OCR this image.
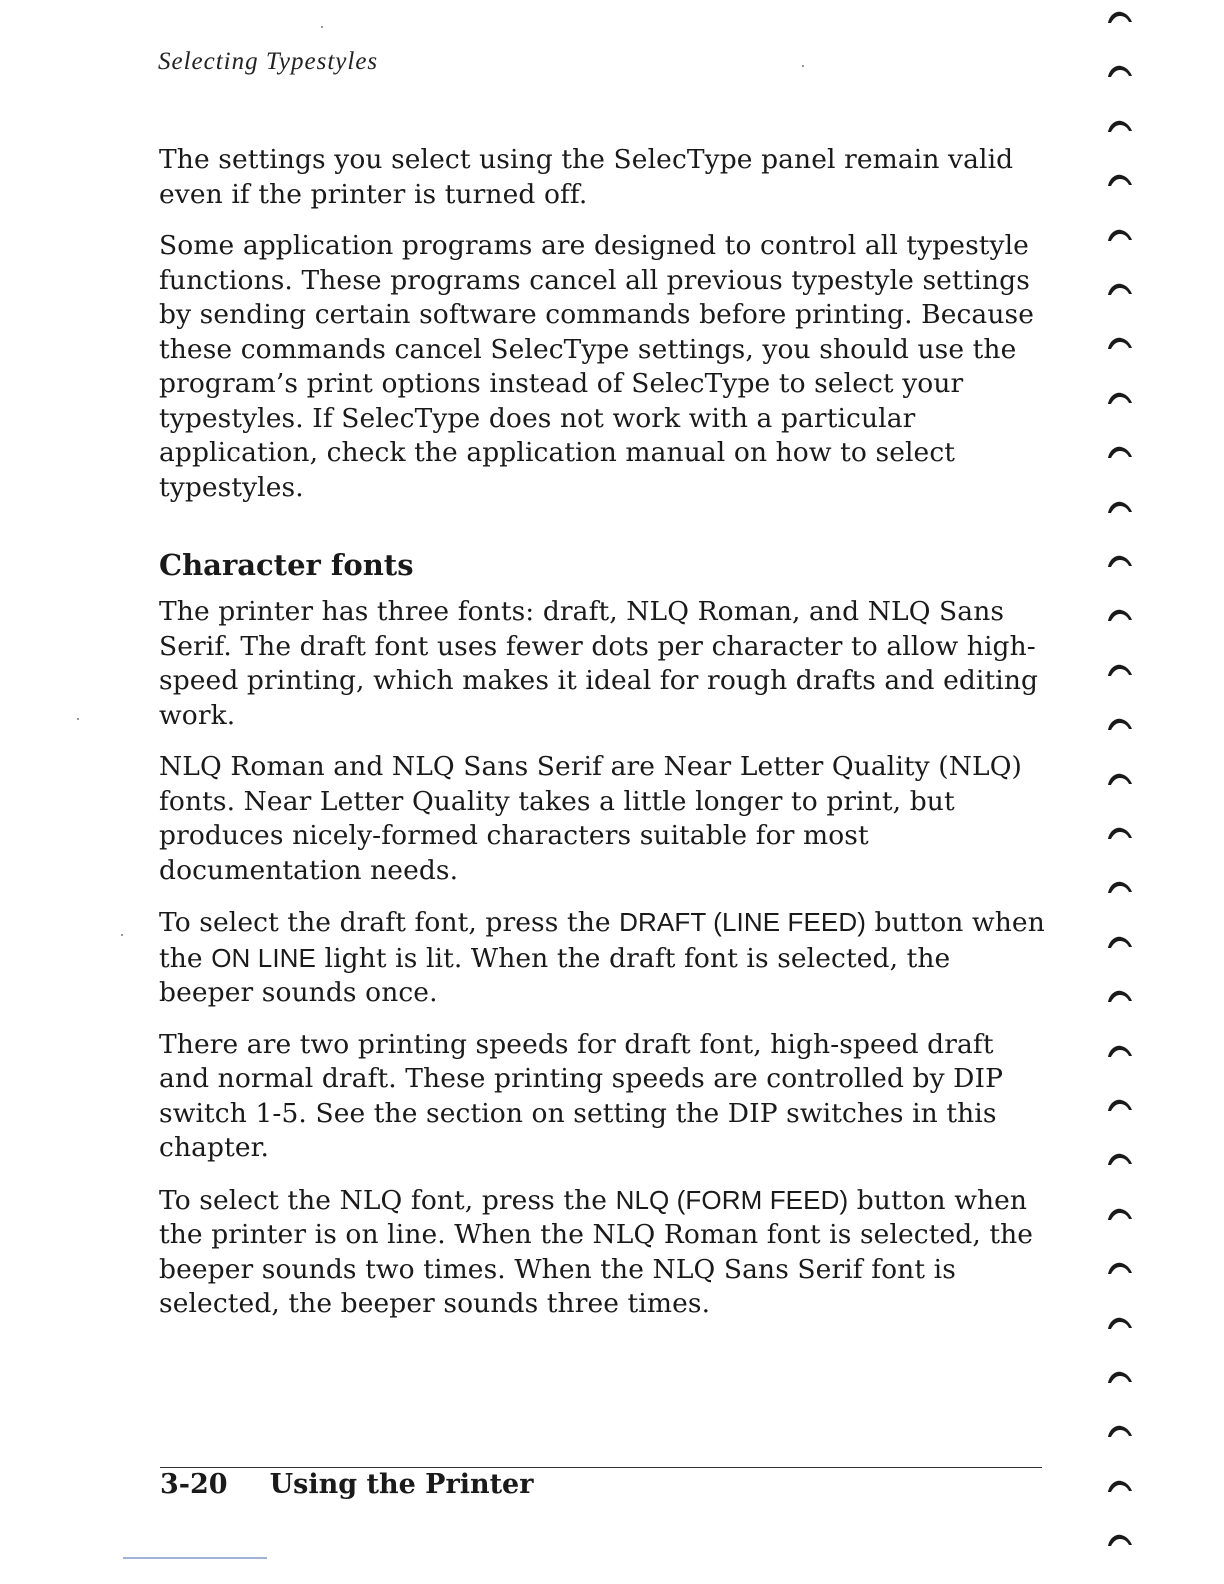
Selecting Typestyles

The settings you select using the SelecType panel remain valid even if the printer is turned off.

Some application programs are designed to control all typestyle functions. These programs cancel all previous typestyle settings by sending certain software commands before printing. Because these commands cancel SelecType settings, you should use the program’s print options instead of SelecType to select your typestyles. If SelecType does not work with a particular application, check the application manual on how to select typestyles.

Character fonts

The printer has three fonts: draft, NLQ Roman, and NLQ Sans Serif. The draft font uses fewer dots per character to allow high-speed printing, which makes it ideal for rough drafts and editing work.

NLQ Roman and NLQ Sans Serif are Near Letter Quality (NLQ) fonts. Near Letter Quality takes a little longer to print, but produces nicely-formed characters suitable for most documentation needs.

To select the draft font, press the DRAFT (LINE FEED) button when the ON LINE light is lit. When the draft font is selected, the beeper sounds once.

There are two printing speeds for draft font, high-speed draft and normal draft. These printing speeds are controlled by DIP switch 1-5. See the section on setting the DIP switches in this chapter.

To select the NLQ font, press the NLQ (FORM FEED) button when the printer is on line. When the NLQ Roman font is selected, the beeper sounds two times. When the NLQ Sans Serif font is selected, the beeper sounds three times.

3-20 Using the Printer
